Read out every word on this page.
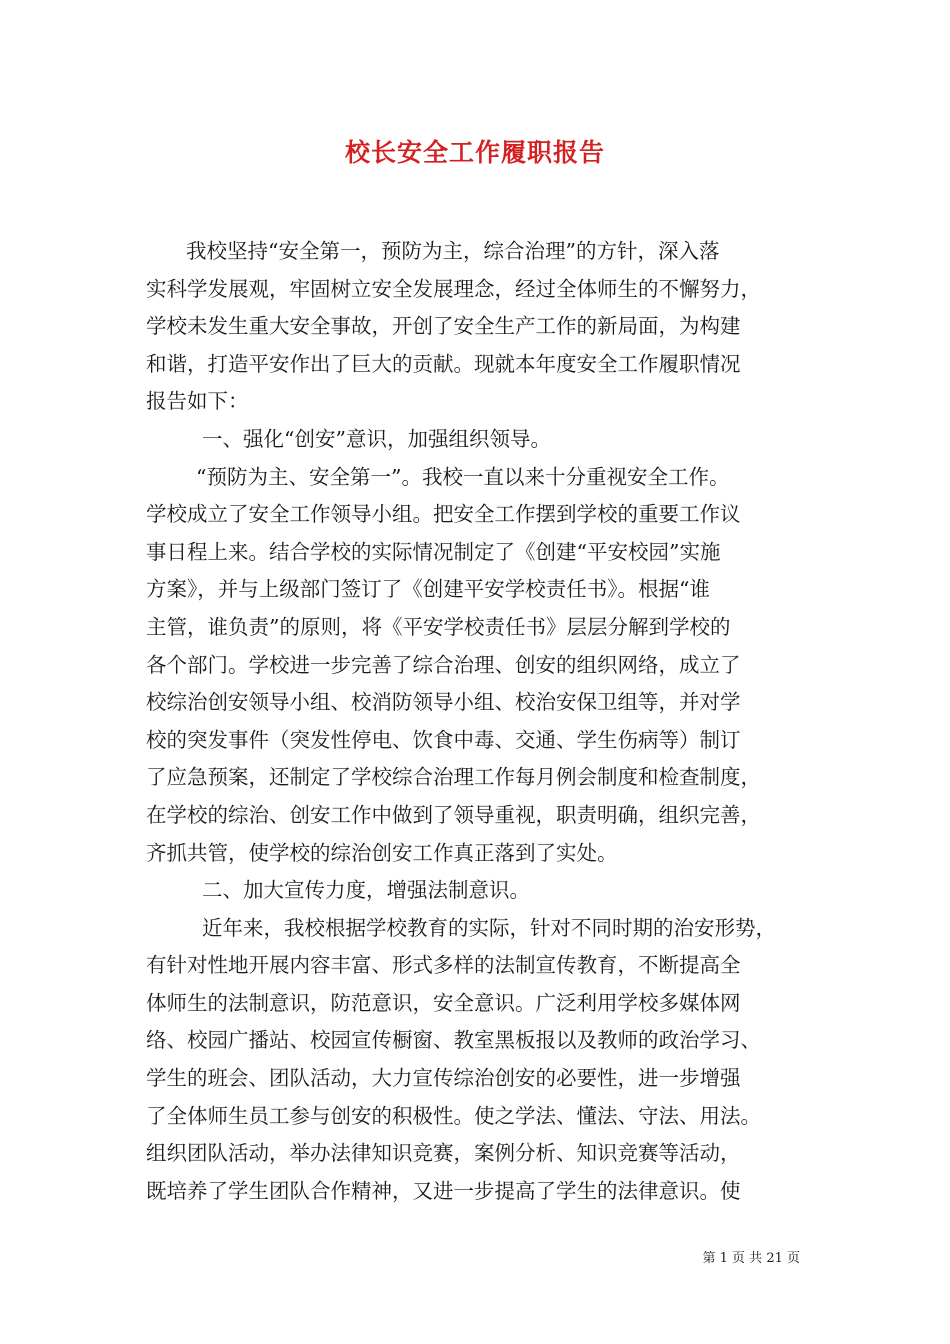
校长安全工作履职报告
我校坚持“安全第一，预防为主，综合治理”的方针，深入落
实科学发展观，牢固树立安全发展理念，经过全体师生的不懈努力，
学校未发生重大安全事故，开创了安全生产工作的新局面，为构建
和谐，打造平安作出了巨大的贡献。现就本年度安全工作履职情况
报告如下：
一、强化“创安”意识，加强组织领导。
“预防为主、安全第一”。我校一直以来十分重视安全工作。
学校成立了安全工作领导小组。把安全工作摆到学校的重要工作议
事日程上来。结合学校的实际情况制定了《创建“平安校园”实施
方案》，并与上级部门签订了《创建平安学校责任书》。根据“谁
主管，谁负责”的原则，将《平安学校责任书》层层分解到学校的
各个部门。学校进一步完善了综合治理、创安的组织网络，成立了
校综治创安领导小组、校消防领导小组、校治安保卫组等，并对学
校的突发事件（突发性停电、饮食中毒、交通、学生伤病等）制订
了应急预案，还制定了学校综合治理工作每月例会制度和检查制度，
在学校的综治、创安工作中做到了领导重视，职责明确，组织完善，
齐抓共管，使学校的综治创安工作真正落到了实处。
二、加大宣传力度，增强法制意识。
近年来，我校根据学校教育的实际，针对不同时期的治安形势，
有针对性地开展内容丰富、形式多样的法制宣传教育，不断提高全
体师生的法制意识，防范意识，安全意识。广泛利用学校多媒体网
络、校园广播站、校园宣传橱窗、教室黑板报以及教师的政治学习、
学生的班会、团队活动，大力宣传综治创安的必要性，进一步增强
了全体师生员工参与创安的积极性。使之学法、懂法、守法、用法。
组织团队活动，举办法律知识竞赛，案例分析、知识竞赛等活动，
既培养了学生团队合作精神，又进一步提高了学生的法律意识。使
第 1 页 共 21 页
